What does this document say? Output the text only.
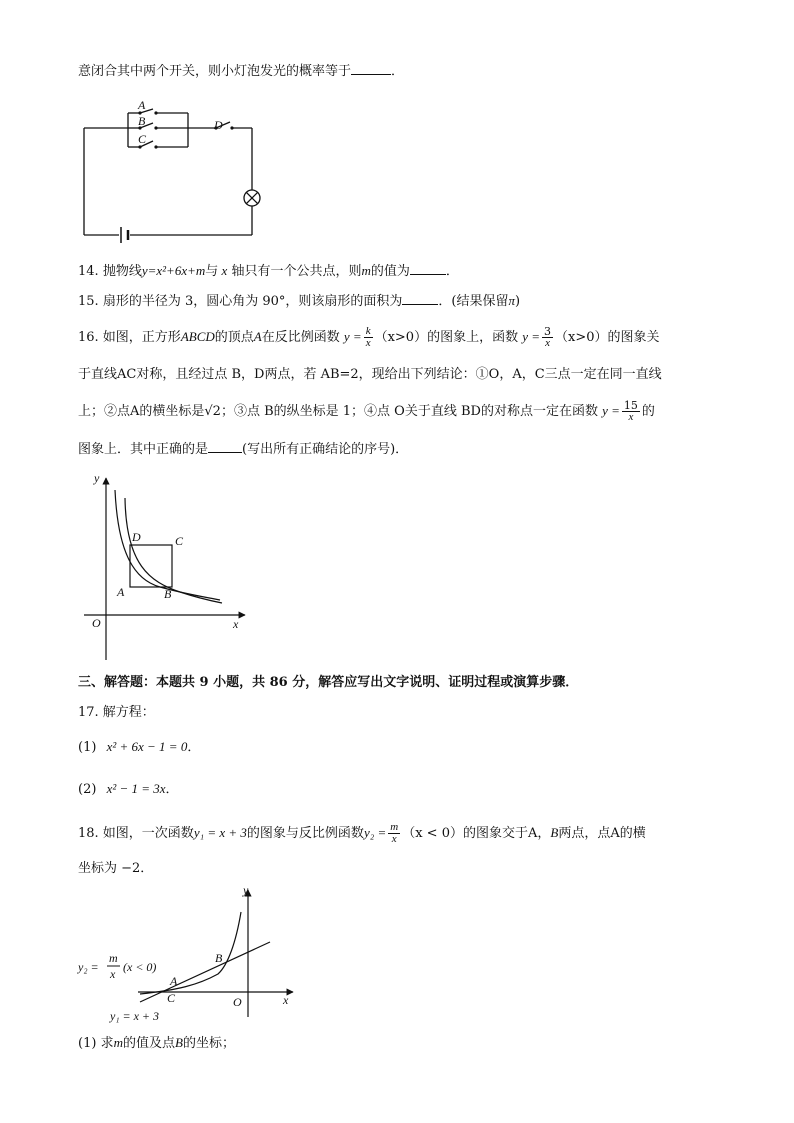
意闭合其中两个开关，则小灯泡发光的概率等于	．
A
B
C
D
14. 抛物线y=x²+6x+m与 x 轴只有一个公共点，则m的值为	．
15. 扇形的半径为 3，圆心角为 90°，则该扇形的面积为	．(结果保留π)
16. 如图，正方形ABCD的顶点A在反比例函数 $y = \frac{k}{x} (x>0)$的图象上，函数 $y = \frac{3}{x} (x>0)$的图象关
于直线AC对称，且经过点 B，D两点，若 AB=2，现给出下列结论：①O，A，C三点一定在同一直线
上；②点A的横坐标是√2；③点 B的纵坐标是 1；④点 O关于直线 BD的对称点一定在函数 $y = \frac{15}{x}$ 的
图象上．其中正确的是	(写出所有正确结论的序号)．
y
x
O
A	B
C
D
三、解答题：本题共 9 小题，共 86 分，解答应写出文字说明、证明过程或演算步骤．
17. 解方程：
(1) x² + 6x − 1 = 0．
(2) x² − 1 = 3x．
18. 如图，一次函数y₁ = x + 3的图象与反比例函数$y_2 = \frac{m}{x} (x < 0)$的图象交于A，B两点，点A的横
坐标为 −2．
y
x
O
A
B
C
y₂ =
m
x (x < 0)
y₁ = x + 3
(1) 求m的值及点B的坐标；
